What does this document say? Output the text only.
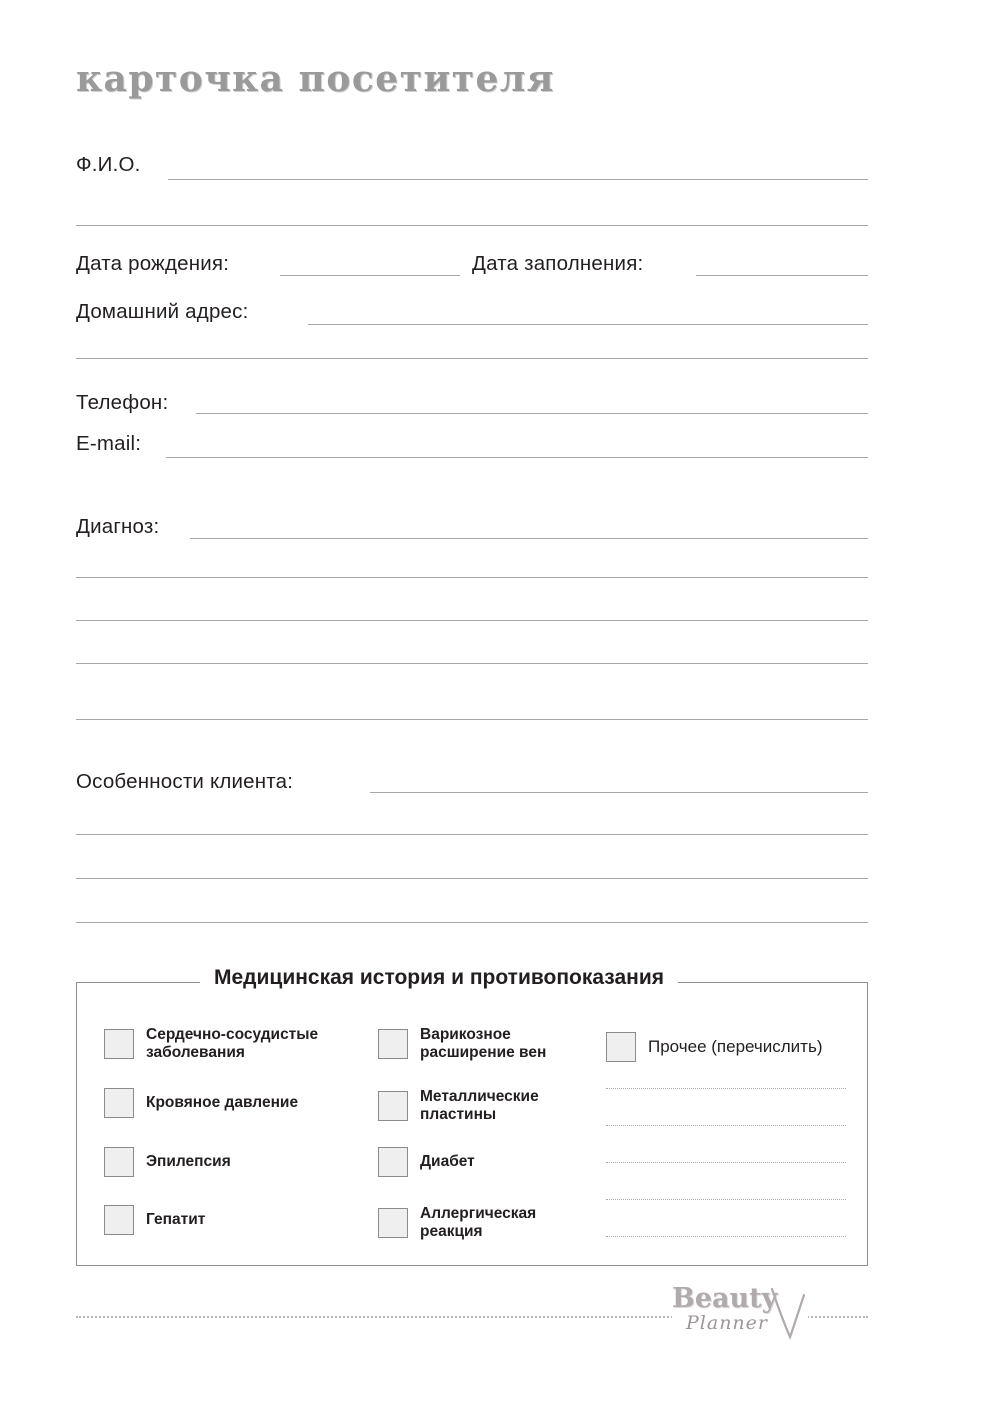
карточка посетителя
Ф.И.О.
Дата рождения:	Дата заполнения:
Домашний адрес:
Телефон:
E-mail:
Диагноз:
Особенности клиента:
Медицинская история и противопоказания
Сердечно-сосудистые заболевания
Кровяное давление
Эпилепсия
Гепатит
Варикозное расширение вен
Металлические пластины
Диабет
Аллергическая реакция
Прочее (перечислить)
Beauty
Planner
